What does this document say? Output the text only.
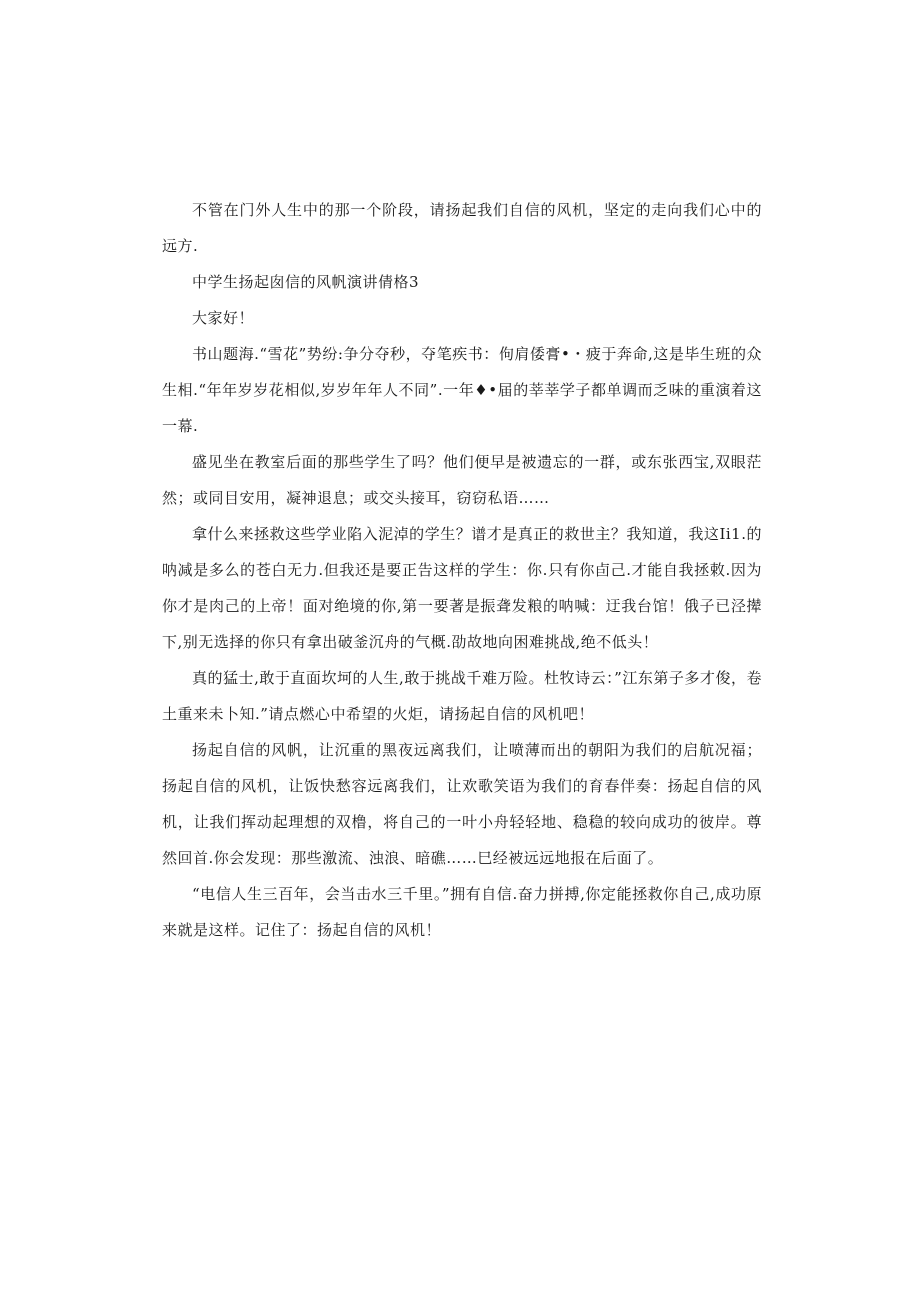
不管在门外人生中的那一个阶段，请扬起我们自信的风机，坚定的走向我们心中的远方.

中学生扬起囱信的风帆演讲倩格3

大家好！

书山题海.“雪花”势纷:争分夺秒，夺笔疾书：佝肩倭膏•・疲于奔命,这是毕生班的众生相.“年年岁岁花相似,岁岁年年人不同”.一年♦•届的莘莘学子都单调而乏味的重演着这一幕.

盛见坐在教室后面的那些学生了吗？他们便早是被遗忘的一群，或东张西宝,双眼茫然；或同目安用，凝神退息；或交头接耳，窃窃私语……

拿什么来拯救这些学业陷入泥淖的学生？谱才是真正的救世主？我知道，我这Ii1.的呐减是多么的苍白无力.但我还是要正告这样的学生：你.只有你卣己.才能自我拯敕.因为你才是肉己的上帝！面对绝境的你,第一要著是振聋发粮的呐喊：迂我台馆！俄子已泾撵下,别无选择的你只有拿出破釜沉舟的气概.劭故地向困难挑战,绝不低头！

真的猛士,敢于直面坎坷的人生,敢于挑战千难万险。杜牧诗云：”江东第子多才俊，卷土重来未卜知.”请点燃心中希望的火炬，请扬起自信的风机吧！

扬起自信的风帆，让沉重的黑夜远离我们，让喷薄而出的朝阳为我们的启航况福；扬起自信的风机，让饭快愁容远离我们，让欢歌笑语为我们的育春伴奏：扬起自信的风机，让我们挥动起理想的双橹，将自己的一叶小舟轻轻地、稳稳的较向成功的彼岸。尊然回首.你会发现：那些激流、浊浪、暗礁……巳经被远远地报在后面了。

“电信人生三百年，会当击水三千里。”拥有自信.奋力拼搏,你定能拯救你自己,成功原来就是这样。记住了：扬起自信的风机！
